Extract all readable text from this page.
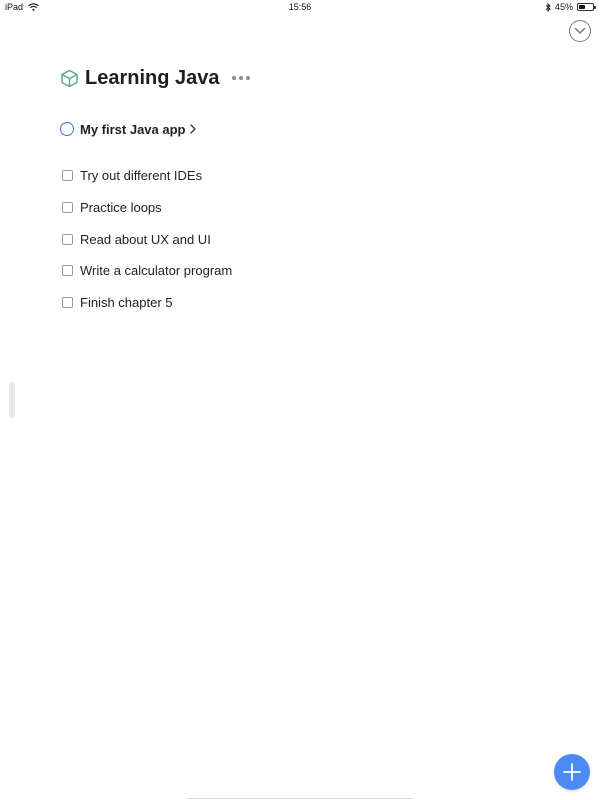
iPad	15:56	45%
Learning Java
My first Java app
Try out different IDEs
Practice loops
Read about UX and UI
Write a calculator program
Finish chapter 5
